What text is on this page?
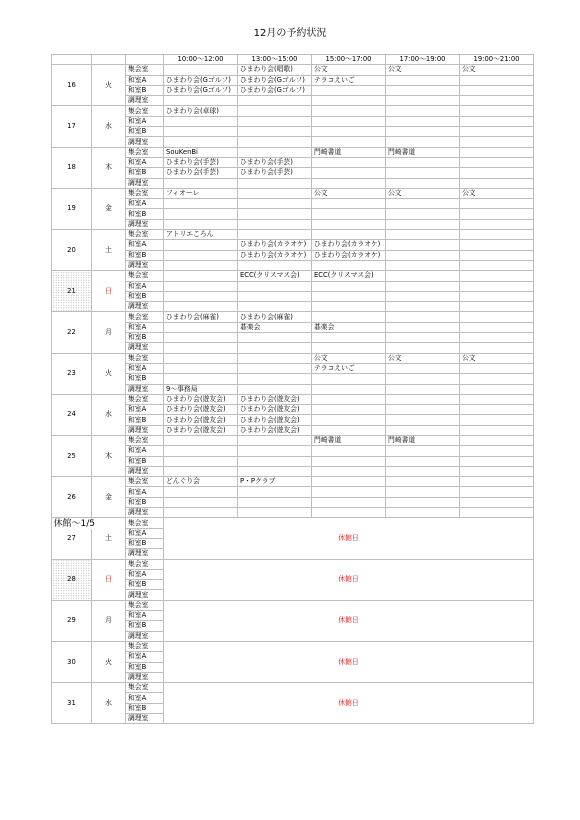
12月の予約状況
			10:00〜12:00	13:00〜15:00	15:00〜17:00	17:00〜19:00	19:00〜21:00
16	火	集会室		ひまわり会(唱歌)	公文	公文	公文
		和室A	ひまわり会(Gゴルフ)	ひまわり会(Gゴルフ)	テラコえいご		
		和室B	ひまわり会(Gゴルフ)	ひまわり会(Gゴルフ)			
		調理室					
17	水	集会室	ひまわり会(卓球)				
		和室A					
		和室B					
		調理室					
18	木	集会室	SouKenBi		門崎書道	門崎書道	
		和室A	ひまわり会(手芸)	ひまわり会(手芸)			
		和室B	ひまわり会(手芸)	ひまわり会(手芸)			
		調理室					
19	金	集会室	フィオーレ		公文	公文	公文
		和室A					
		和室B					
		調理室					
20	土	集会室	アトリエころん				
		和室A		ひまわり会(カラオケ)	ひまわり会(カラオケ)		
		和室B		ひまわり会(カラオケ)	ひまわり会(カラオケ)		
		調理室					
21	日	集会室		ECC(クリスマス会)	ECC(クリスマス会)		
		和室A					
		和室B					
		調理室					
22	月	集会室	ひまわり会(麻雀)	ひまわり会(麻雀)			
		和室A		碁楽会	碁楽会		
		和室B					
		調理室					
23	火	集会室			公文	公文	公文
		和室A			テラコえいご		
		和室B					
		調理室	9〜事務局				
24	水	集会室	ひまわり会(遊友会)	ひまわり会(遊友会)			
		和室A	ひまわり会(遊友会)	ひまわり会(遊友会)			
		和室B	ひまわり会(遊友会)	ひまわり会(遊友会)			
		調理室	ひまわり会(遊友会)	ひまわり会(遊友会)			
25	木	集会室			門崎書道	門崎書道	
		和室A					
		和室B					
		調理室					
26	金	集会室	どんぐり会	P・Pクラブ			
		和室A					
		和室B					
		調理室					
27	土	集会室	休館日				
		和室A					
		和室B					
		調理室					
28	日	集会室	休館日				
		和室A					
		和室B					
		調理室					
29	月	集会室	休館日				
		和室A					
		和室B					
		調理室					
30	火	集会室	休館日				
		和室A					
		和室B					
		調理室					
31	水	集会室	休館日				
		和室A					
		和室B					
		調理室					
休館〜1/5
